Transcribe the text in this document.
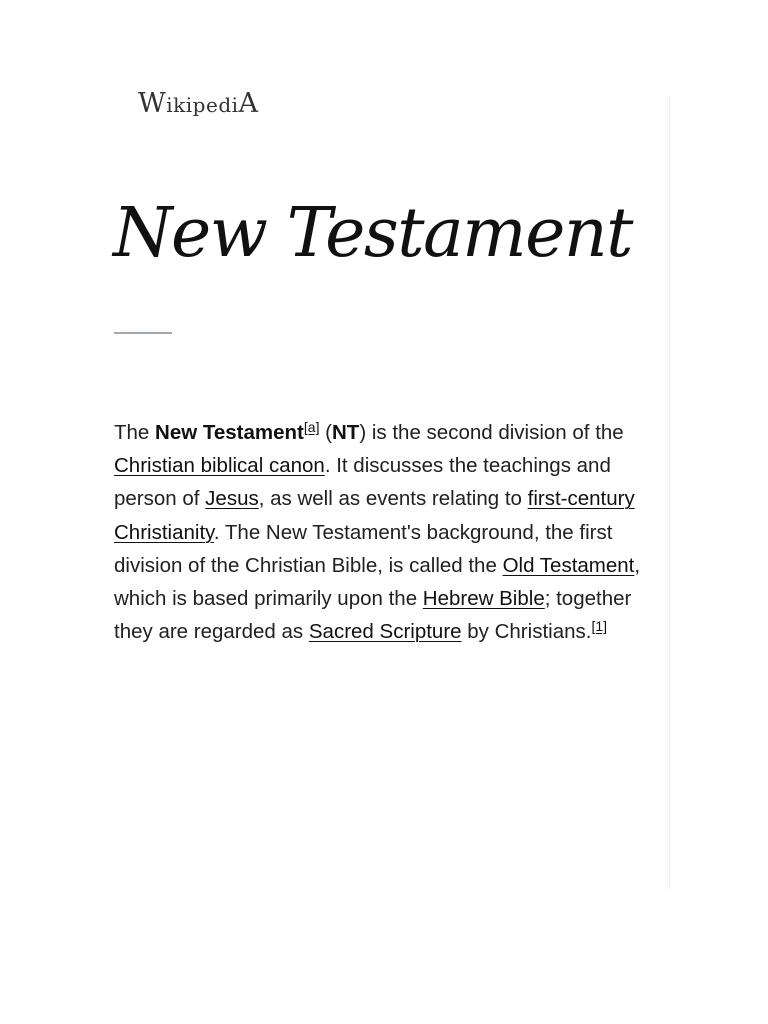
WikipediA
New Testament

The New Testament[a] (NT) is the second division of the Christian biblical canon. It discusses the teachings and person of Jesus, as well as events relating to first-century Christianity. The New Testament's background, the first division of the Christian Bible, is called the Old Testament, which is based primarily upon the Hebrew Bible; together they are regarded as Sacred Scripture by Christians.[1]
